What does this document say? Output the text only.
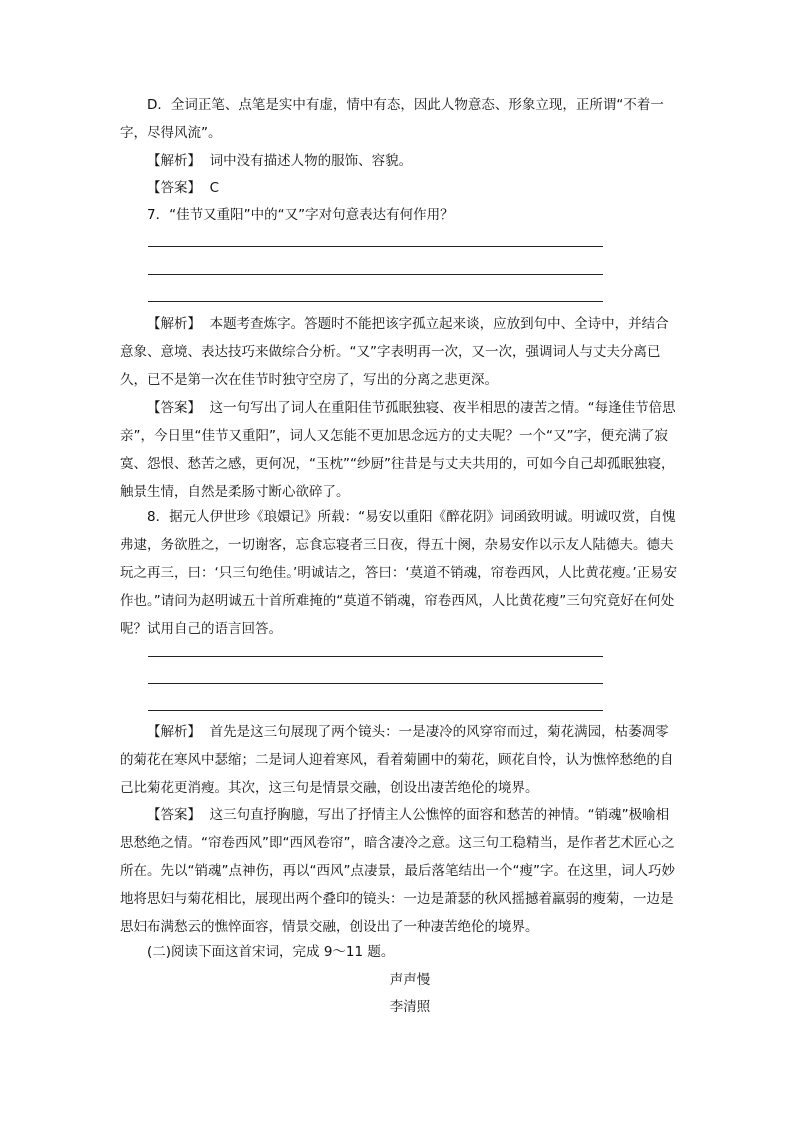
D．全词正笔、点笔是实中有虚，情中有态，因此人物意态、形象立现，正所谓“不着一字，尽得风流”。

【解析】 词中没有描述人物的服饰、容貌。

【答案】 C

7．“佳节又重阳”中的“又”字对句意表达有何作用？

【解析】 本题考查炼字。答题时不能把该字孤立起来谈，应放到句中、全诗中，并结合意象、意境、表达技巧来做综合分析。“又”字表明再一次，又一次，强调词人与丈夫分离已久，已不是第一次在佳节时独守空房了，写出的分离之悲更深。

【答案】 这一句写出了词人在重阳佳节孤眠独寝、夜半相思的凄苦之情。“每逢佳节倍思亲”，今日里“佳节又重阳”，词人又怎能不更加思念远方的丈夫呢？一个“又”字，便充满了寂寞、怨恨、愁苦之感，更何况，“玉枕”“纱厨”往昔是与丈夫共用的，可如今自己却孤眠独寝，触景生情，自然是柔肠寸断心欲碎了。

8．据元人伊世珍《琅嬛记》所载：“易安以重阳《醉花阴》词函致明诚。明诚叹赏，自愧弗逮，务欲胜之，一切谢客，忘食忘寝者三日夜，得五十阕，杂易安作以示友人陆德夫。德夫玩之再三，曰：‘只三句绝佳。’明诚诘之，答曰：‘莫道不销魂，帘卷西风，人比黄花瘦。’正易安作也。”请问为赵明诚五十首所难掩的“莫道不销魂，帘卷西风，人比黄花瘦”三句究竟好在何处呢？试用自己的语言回答。

【解析】 首先是这三句展现了两个镜头：一是凄冷的风穿帘而过，菊花满园，枯萎凋零的菊花在寒风中瑟缩；二是词人迎着寒风，看着菊圃中的菊花，顾花自怜，认为憔悴愁绝的自己比菊花更消瘦。其次，这三句是情景交融，创设出凄苦绝伦的境界。

【答案】 这三句直抒胸臆，写出了抒情主人公憔悴的面容和愁苦的神情。“销魂”极喻相思愁绝之情。“帘卷西风”即“西风卷帘”，暗含凄冷之意。这三句工稳精当，是作者艺术匠心之所在。先以“销魂”点神伤，再以“西风”点凄景，最后落笔结出一个“瘦”字。在这里，词人巧妙地将思妇与菊花相比，展现出两个叠印的镜头：一边是萧瑟的秋风摇撼着羸弱的瘦菊，一边是思妇布满愁云的憔悴面容，情景交融，创设出了一种凄苦绝伦的境界。

(二)阅读下面这首宋词，完成 9～11 题。

声声慢
李清照
